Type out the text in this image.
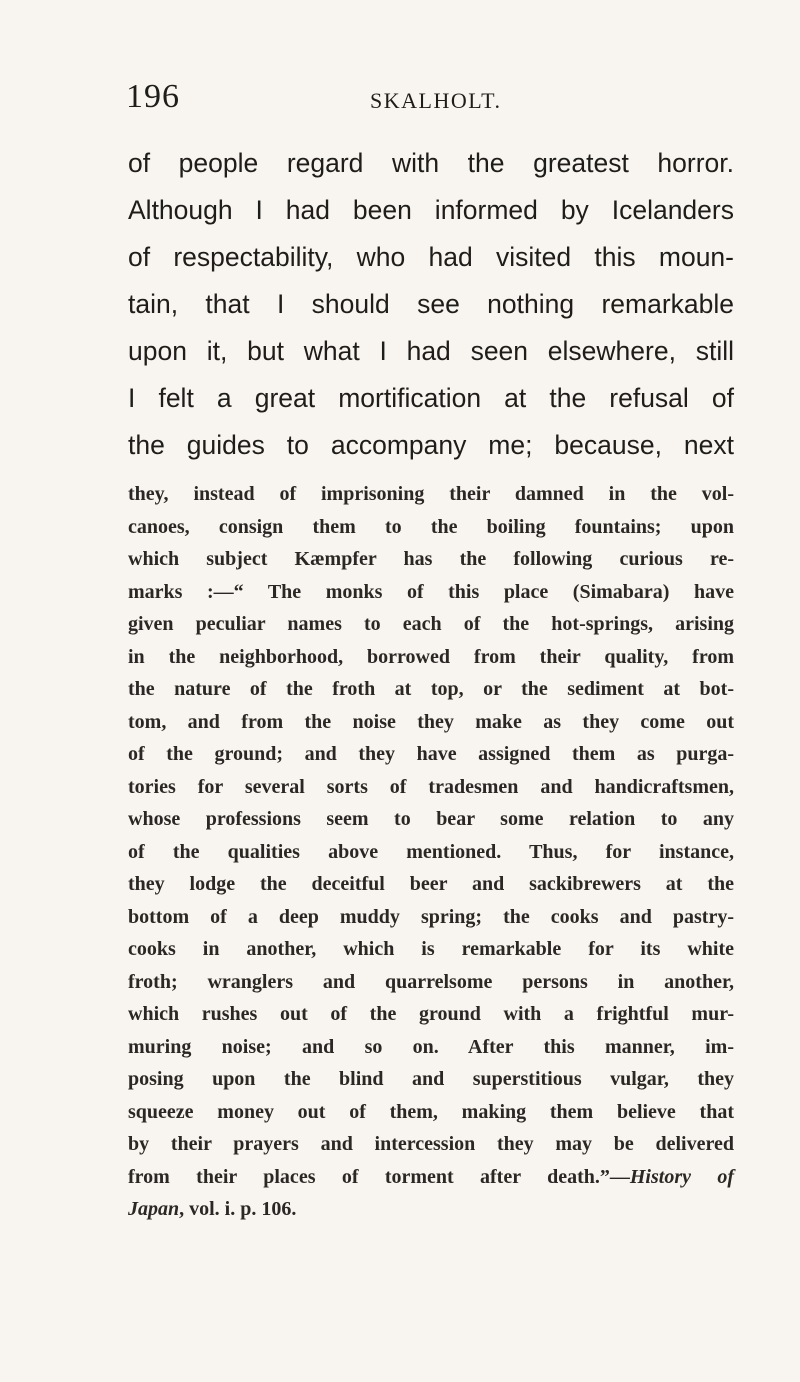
196	SKALHOLT.
of people regard with the greatest horror.
Although I had been informed by Icelanders
of respectability, who had visited this moun-
tain, that I should see nothing remarkable
upon it, but what I had seen elsewhere, still
I felt a great mortification at the refusal of
the guides to accompany me; because, next
they, instead of imprisoning their damned in the vol-
canoes, consign them to the boiling fountains; upon
which subject Kæmpfer has the following curious re-
marks :—“ The monks of this place (Simabara) have
given peculiar names to each of the hot-springs, arising
in the neighborhood, borrowed from their quality, from
the nature of the froth at top, or the sediment at bot-
tom, and from the noise they make as they come out
of the ground; and they have assigned them as purga-
tories for several sorts of tradesmen and handicraftsmen,
whose professions seem to bear some relation to any
of the qualities above mentioned. Thus, for instance,
they lodge the deceitful beer and sackibrewers at the
bottom of a deep muddy spring; the cooks and pastry-
cooks in another, which is remarkable for its white
froth; wranglers and quarrelsome persons in another,
which rushes out of the ground with a frightful mur-
muring noise; and so on. After this manner, im-
posing upon the blind and superstitious vulgar, they
squeeze money out of them, making them believe that
by their prayers and intercession they may be delivered
from their places of torment after death.”—History of
Japan, vol. i. p. 106.
